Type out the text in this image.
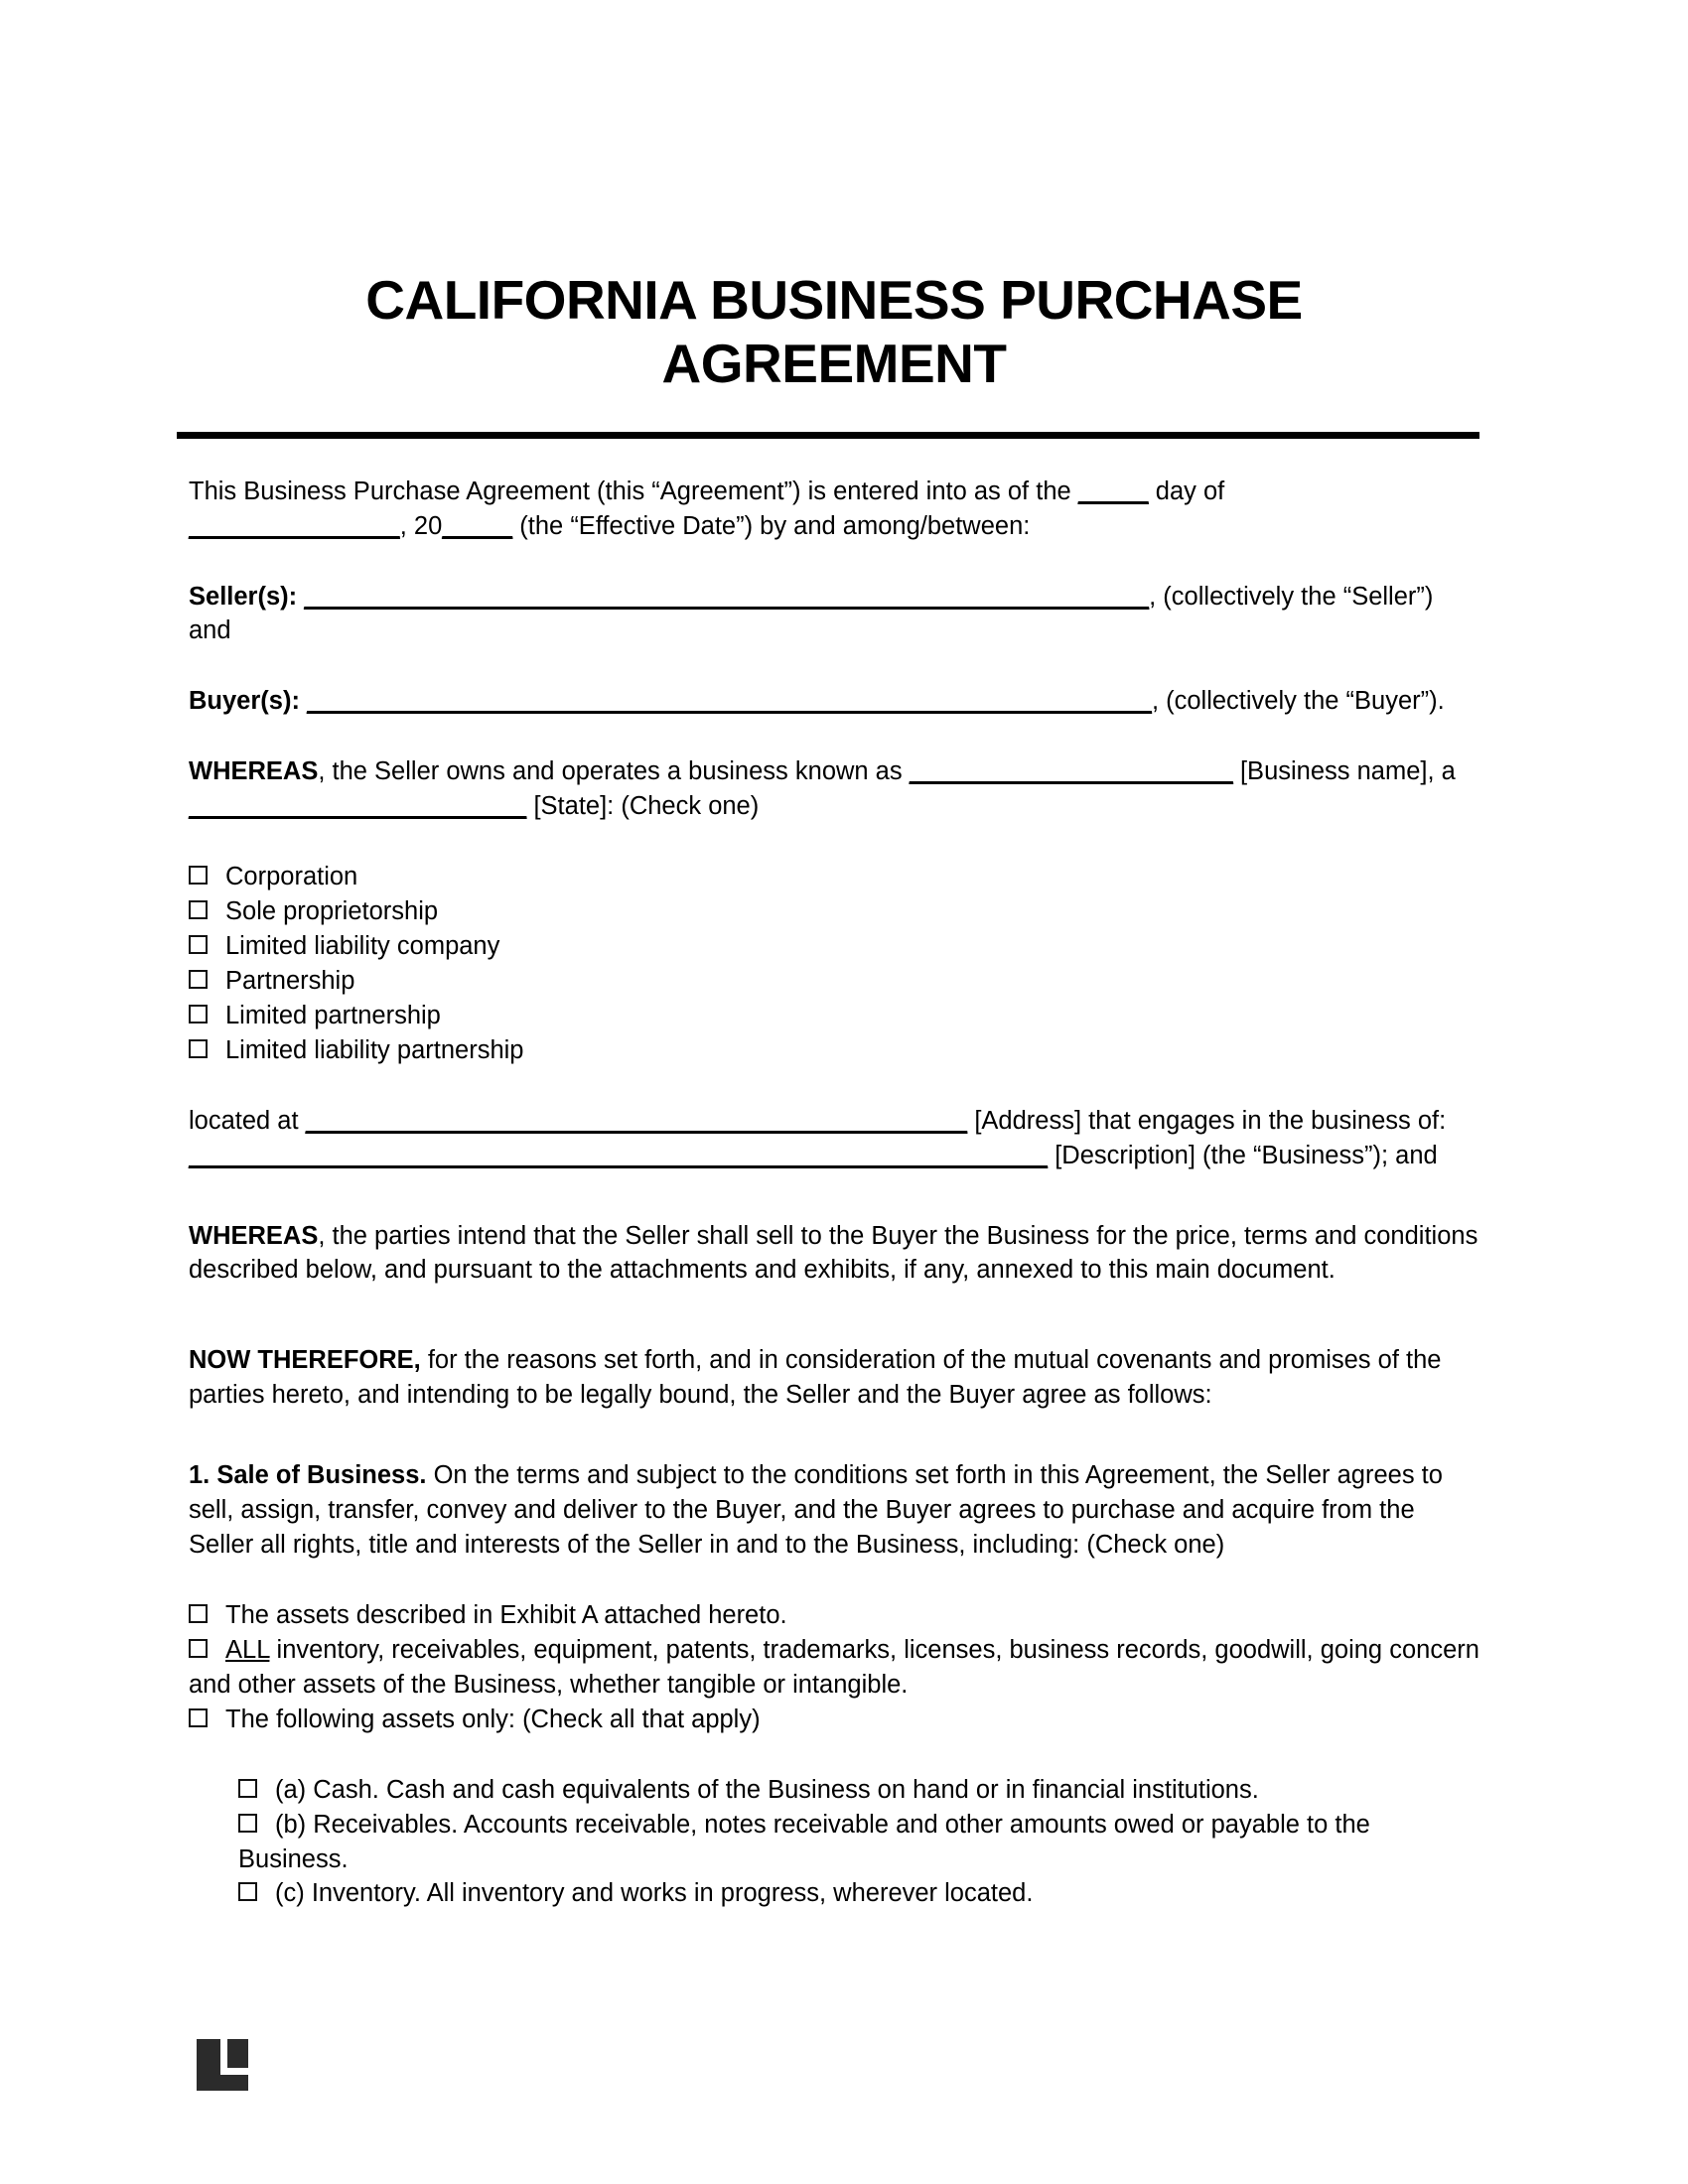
CALIFORNIA BUSINESS PURCHASE AGREEMENT

This Business Purchase Agreement (this “Agreement”) is entered into as of the _____ day of
_______________, 20_____ (the “Effective Date”) by and among/between:

Seller(s): ____________________________________________________________, (collectively the “Seller”) and

Buyer(s): ____________________________________________________________, (collectively the “Buyer”).

WHEREAS, the Seller owns and operates a business known as _______________________ [Business name], a ________________________ [State]: (Check one)

Corporation
Sole proprietorship
Limited liability company
Partnership
Limited partnership
Limited liability partnership

located at _______________________________________________ [Address] that engages in the business of: _____________________________________________________________ [Description] (the “Business”); and

WHEREAS, the parties intend that the Seller shall sell to the Buyer the Business for the price, terms and conditions described below, and pursuant to the attachments and exhibits, if any, annexed to this main document.

NOW THEREFORE, for the reasons set forth, and in consideration of the mutual covenants and promises of the parties hereto, and intending to be legally bound, the Seller and the Buyer agree as follows:

1. Sale of Business. On the terms and subject to the conditions set forth in this Agreement, the Seller agrees to sell, assign, transfer, convey and deliver to the Buyer, and the Buyer agrees to purchase and acquire from the Seller all rights, title and interests of the Seller in and to the Business, including: (Check one)

The assets described in Exhibit A attached hereto.
ALL inventory, receivables, equipment, patents, trademarks, licenses, business records, goodwill, going concern and other assets of the Business, whether tangible or intangible.
The following assets only: (Check all that apply)
(a) Cash. Cash and cash equivalents of the Business on hand or in financial institutions.
(b) Receivables. Accounts receivable, notes receivable and other amounts owed or payable to the Business.
(c) Inventory. All inventory and works in progress, wherever located.
